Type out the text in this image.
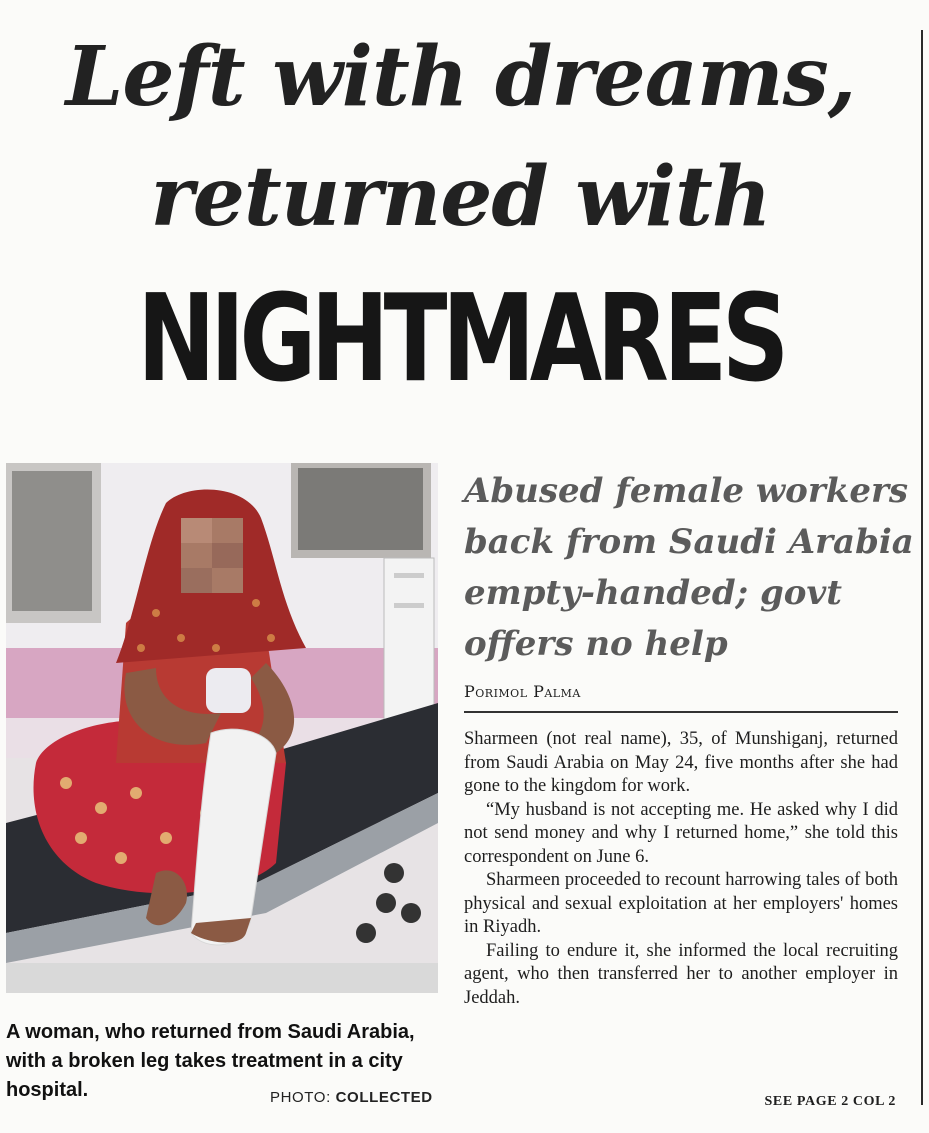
Left with dreams,
returned with
NIGHTMARES
A woman, who returned from Saudi Arabia, with a broken leg takes treatment in a city hospital.	PHOTO: COLLECTED
Abused female workers back from Saudi Arabia empty-handed; govt offers no help
Porimol Palma

Sharmeen (not real name), 35, of Munshiganj, returned from Saudi Arabia on May 24, five months after she had gone to the kingdom for work.

“My husband is not accepting me. He asked why I did not send money and why I returned home,” she told this correspondent on June 6.

Sharmeen proceeded to recount harrowing tales of both physical and sexual exploitation at her employers' homes in Riyadh.

Failing to endure it, she informed the local recruiting agent, who then transferred her to another employer in Jeddah.

SEE PAGE 2 COL 2
